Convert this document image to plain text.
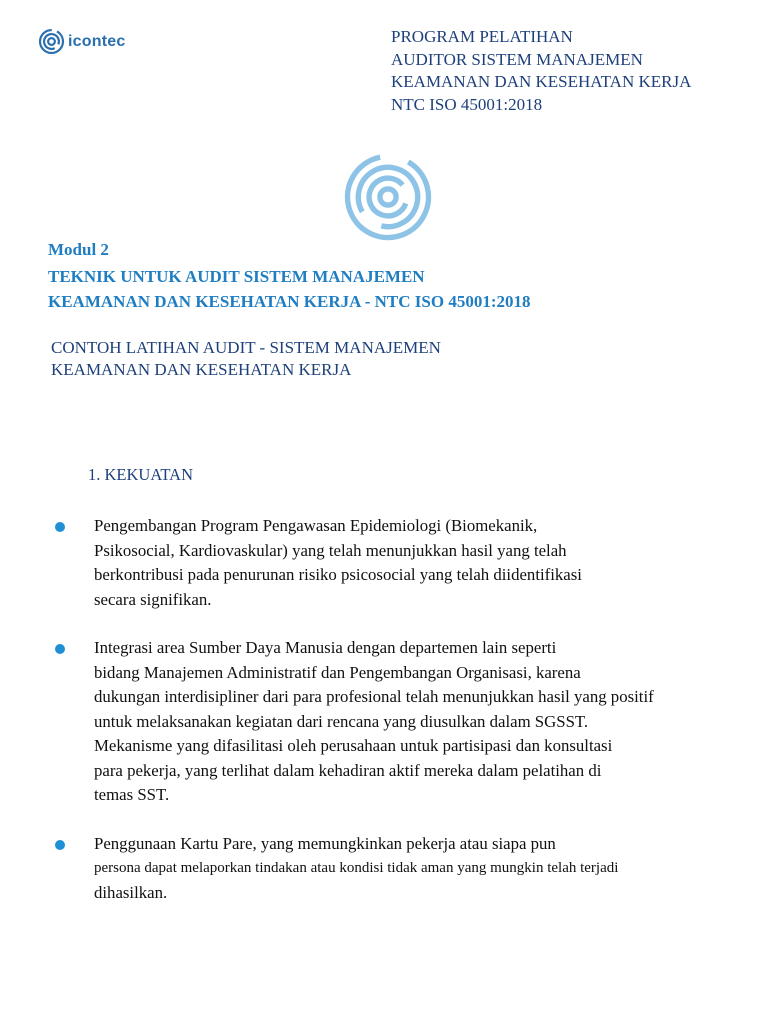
icontec	PROGRAM PELATIHAN
AUDITOR SISTEM MANAJEMEN
KEAMANAN DAN KESEHATAN KERJA
NTC ISO 45001:2018
Modul 2
TEKNIK UNTUK AUDIT SISTEM MANAJEMEN
KEAMANAN DAN KESEHATAN KERJA - NTC ISO 45001:2018
CONTOH LATIHAN AUDIT - SISTEM MANAJEMEN
KEAMANAN DAN KESEHATAN KERJA
1. KEKUATAN
Pengembangan Program Pengawasan Epidemiologi (Biomekanik,
Psikosocial, Kardiovaskular) yang telah menunjukkan hasil yang telah
berkontribusi pada penurunan risiko psicosocial yang telah diidentifikasi
secara signifikan.
Integrasi area Sumber Daya Manusia dengan departemen lain seperti
bidang Manajemen Administratif dan Pengembangan Organisasi, karena
dukungan interdisipliner dari para profesional telah menunjukkan hasil yang positif
untuk melaksanakan kegiatan dari rencana yang diusulkan dalam SGSST.
Mekanisme yang difasilitasi oleh perusahaan untuk partisipasi dan konsultasi
para pekerja, yang terlihat dalam kehadiran aktif mereka dalam pelatihan di
temas SST.
Penggunaan Kartu Pare, yang memungkinkan pekerja atau siapa pun
persona dapat melaporkan tindakan atau kondisi tidak aman yang mungkin telah terjadi
dihasilkan.
